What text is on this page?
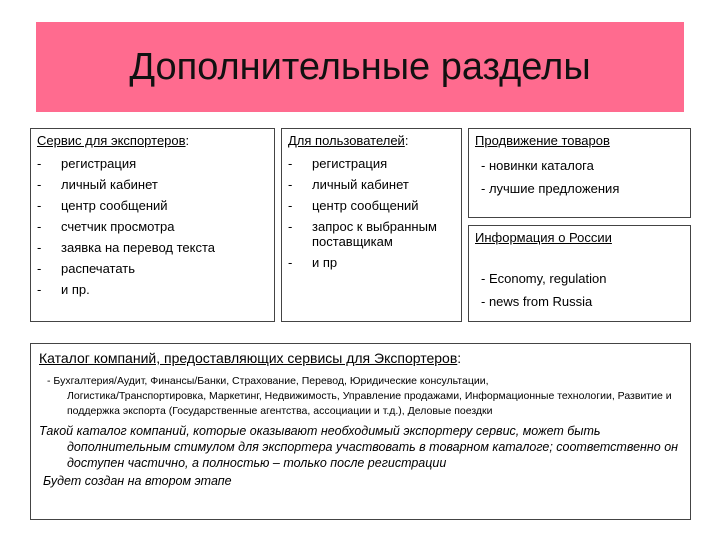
Дополнительные разделы
Сервис для экспортеров:
- регистрация
- личный кабинет
- центр сообщений
- счетчик просмотра
- заявка на перевод текста
- распечатать
- и пр.
Для пользователей:
- регистрация
- личный кабинет
- центр сообщений
- запрос к выбранным поставщикам
- и пр
Продвижение товаров
- новинки каталога
- лучшие предложения
Информация о России
- Economy, regulation
- news from Russia
Каталог компаний, предоставляющих сервисы для Экспортеров:
- Бухгалтерия/Аудит, Финансы/Банки, Страхование, Перевод, Юридические консультации,
Логистика/Транспортировка, Маркетинг, Недвижимость, Управление продажами, Информационные технологии, Развитие и поддержка экспорта (Государственные агентства, ассоциации и т.д.), Деловые поездки
Такой каталог компаний, которые оказывают необходимый экспортеру сервис, может быть
дополнительным стимулом для экспортера участвовать в товарном каталоге; соответственно он доступен частично, а полностью – только после регистрации
Будет создан на втором этапе
